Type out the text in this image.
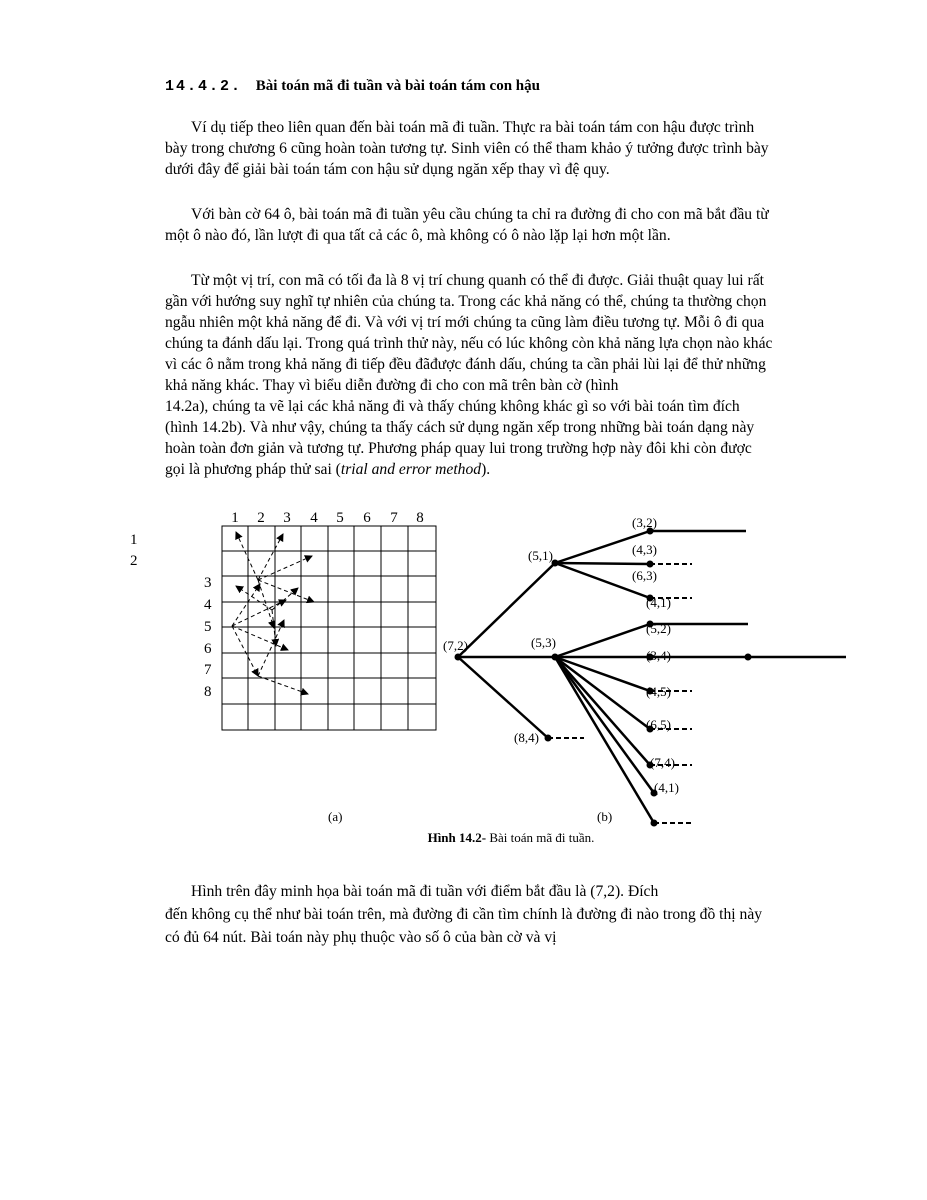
14.4.2. Bài toán mã đi tuần và bài toán tám con hậu
Ví dụ tiếp theo liên quan đến bài toán mã đi tuần. Thực ra bài toán tám con hậu được trình
bày trong chương 6 cũng hoàn toàn tương tự. Sinh viên có thể tham khảo ý tưởng được trình bày
dưới đây để giải bài toán tám con hậu sử dụng ngăn xếp thay vì đệ quy.
Với bàn cờ 64 ô, bài toán mã đi tuần yêu cầu chúng ta chỉ ra đường đi cho con mã bắt đầu từ
một ô nào đó, lần lượt đi qua tất cả các ô, mà không có ô nào lặp lại hơn một lần.
Từ một vị trí, con mã có tối đa là 8 vị trí chung quanh có thể đi được. Giải thuật quay lui rất
gần với hướng suy nghĩ tự nhiên của chúng ta. Trong các khả năng có thể, chúng ta thường chọn
ngẫu nhiên một khả năng để đi. Và với vị trí mới chúng ta cũng làm điều tương tự. Mỗi ô đi qua
chúng ta đánh dấu lại. Trong quá trình thử này, nếu có lúc không còn khả năng lựa chọn nào khác
vì các ô nằm trong khả năng đi tiếp đều đãđược đánh dấu, chúng ta cần phải lùi lại để thử những
khả năng khác. Thay vì biểu diễn đường đi cho con mã trên bàn cờ (hình
14.2a), chúng ta vẽ lại các khả năng đi và thấy chúng không khác gì so với bài toán tìm đích
(hình 14.2b). Và như vậy, chúng ta thấy cách sử dụng ngăn xếp trong những bài toán dạng này
hoàn toàn đơn giản và tương tự. Phương pháp quay lui trong trường hợp này đôi khi còn được
gọi là phương pháp thử sai (trial and error method).
1
2
1 2 3 4 5 6 7 8
3
4
5
6
7
8
(7,2)
(5,1)
(5,3)
(8,4)
(3,2)
(4,3)
(6,3)
(4,1)
(5,2)
(3,4)
(4,5)
(6,5)
(7,4)
(4,1)
(a)	(b)
Hình 14.2- Bài toán mã đi tuần.
Hình trên đây minh họa bài toán mã đi tuần với điểm bắt đầu là (7,2). Đích
đến không cụ thể như bài toán trên, mà đường đi cần tìm chính là đường đi nào trong đồ thị này
có đủ 64 nút. Bài toán này phụ thuộc vào số ô của bàn cờ và vị
